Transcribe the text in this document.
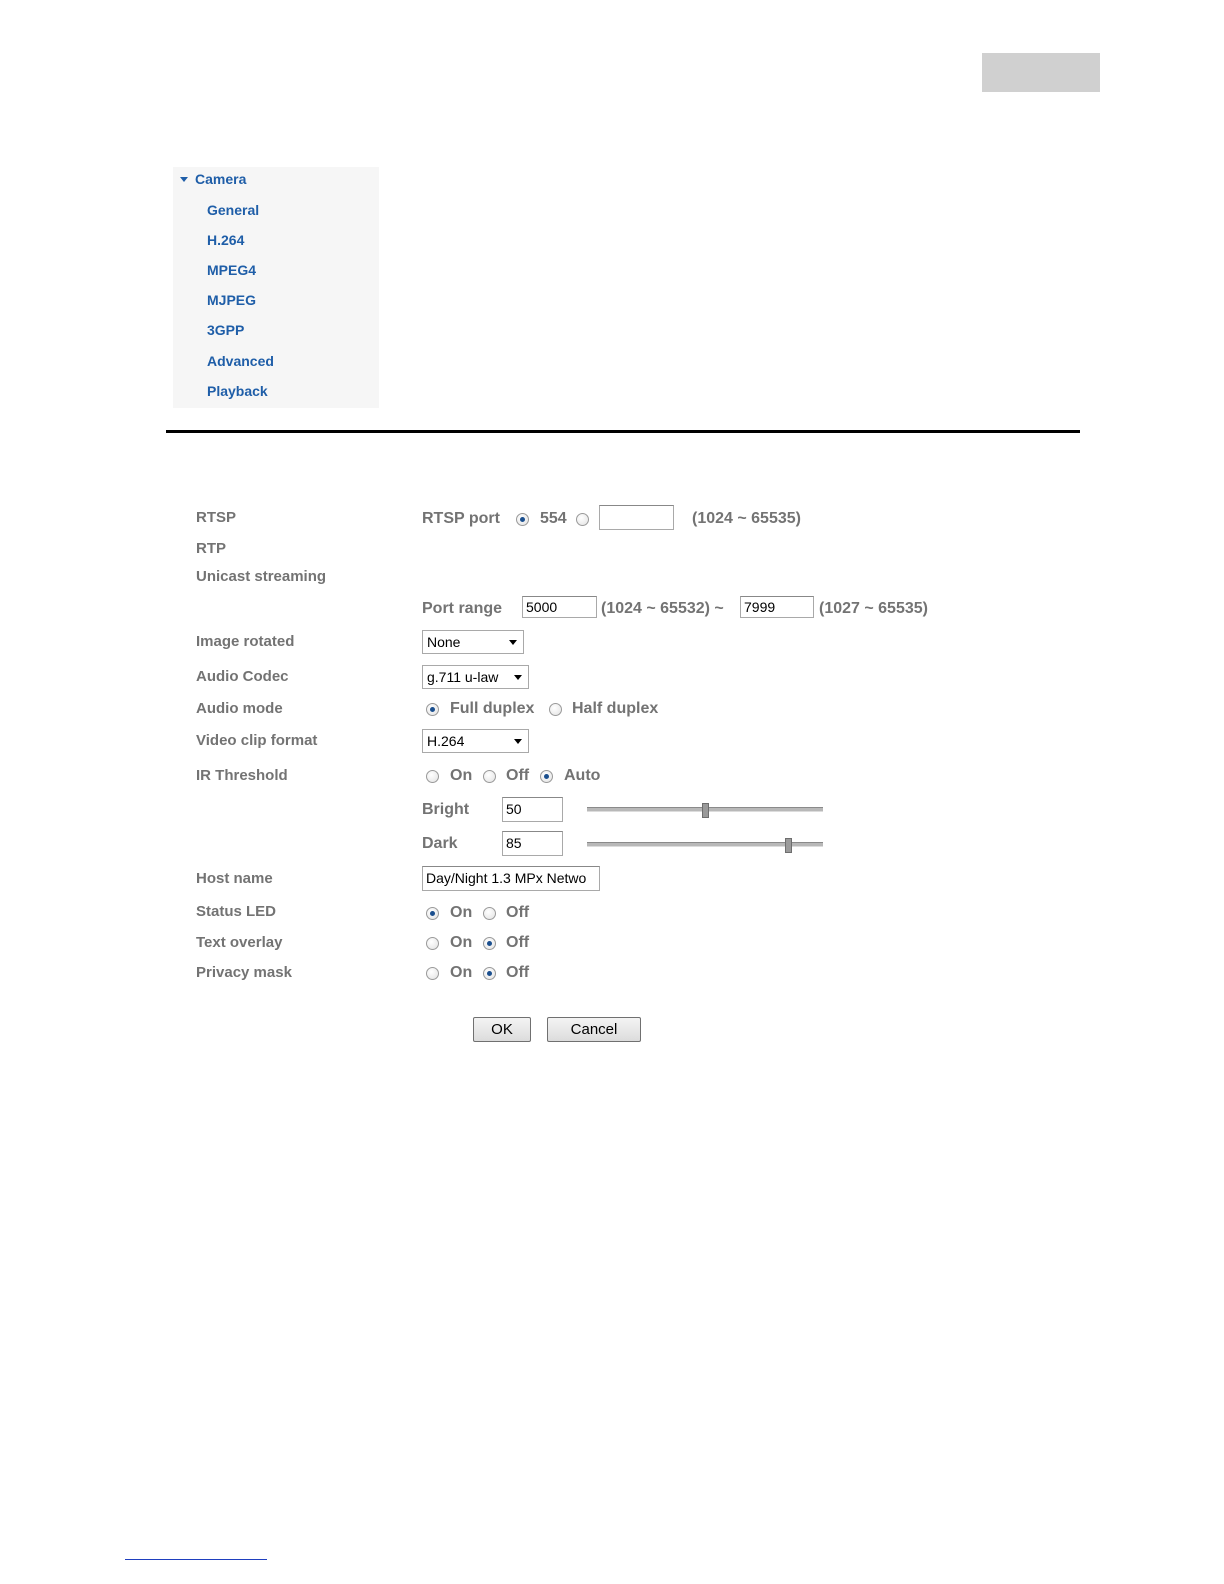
Camera
General
H.264
MPEG4
MJPEG
3GPP
Advanced
Playback
RTSP	RTSP port	554	(1024 ~ 65535)
RTP
Unicast streaming
Port range 5000	(1024 ~ 65532) ~ 7999	(1027 ~ 65535)
Image rotated	None
Audio Codec	g.711 u-law
Audio mode	Full duplex Half duplex
Video clip format	H.264
IR Threshold	On Off Auto
Bright	50
Dark	85
Host name	Day/Night 1.3 MPx Netwo
Status LED	On Off
Text overlay	On Off
Privacy mask	On Off
OK	Cancel
